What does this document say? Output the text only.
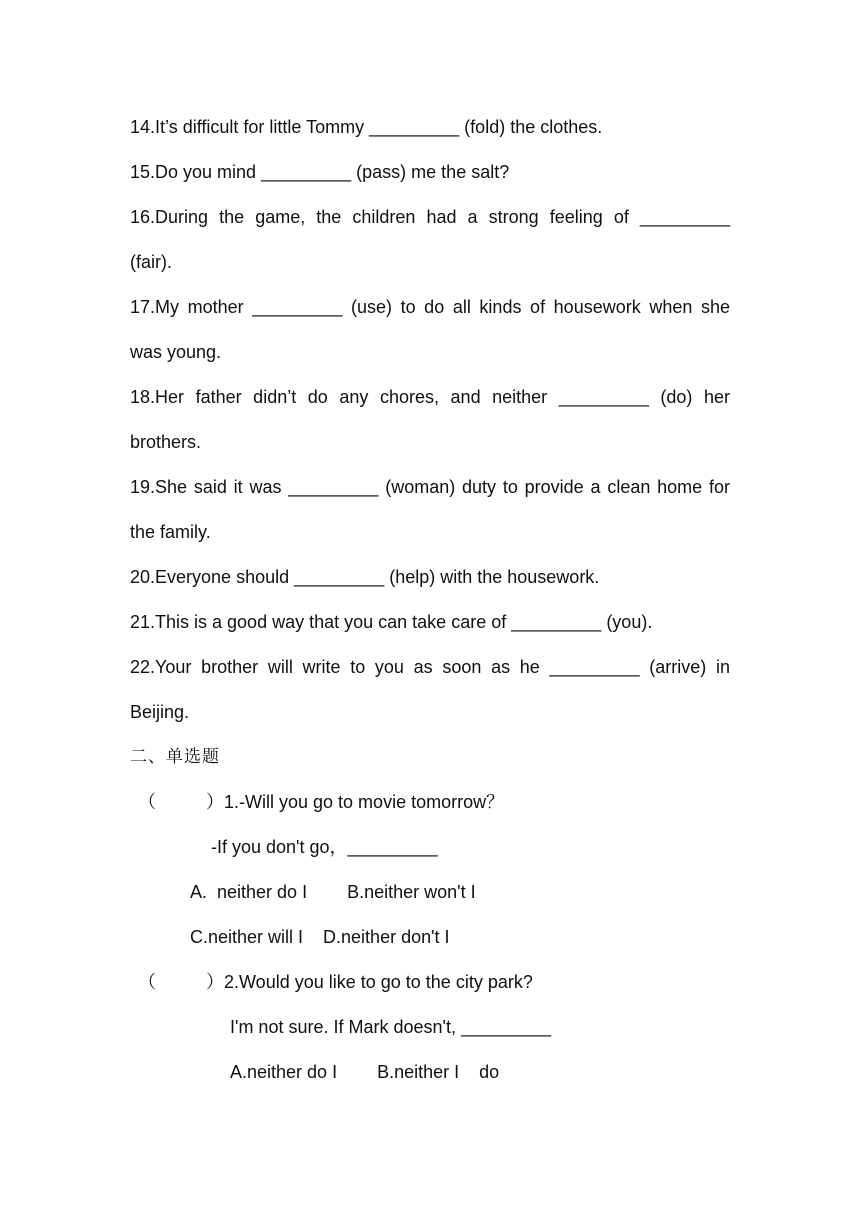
14.It’s difficult for little Tommy _________ (fold) the clothes.
15.Do you mind _________ (pass) me the salt?
16.During the game, the children had a strong feeling of _________
(fair).
17.My mother _________ (use) to do all kinds of housework when she
was young.
18.Her father didn’t do any chores, and neither _________ (do) her
brothers.
19.She said it was _________ (woman) duty to provide a clean home for
the family.
20.Everyone should _________ (help) with the housework.
21.This is a good way that you can take care of _________ (you).
22.Your brother will write to you as soon as he _________ (arrive) in
Beijing.
二、单选题
（          ）1.-Will you go to movie tomorrow？
-If you don't go，_________
A.  neither do I        B.neither won't I
C.neither will I    D.neither don't I
（          ）2.Would you like to go to the city park?
I'm not sure. If Mark doesn't, _________
A.neither do I        B.neither I    do
